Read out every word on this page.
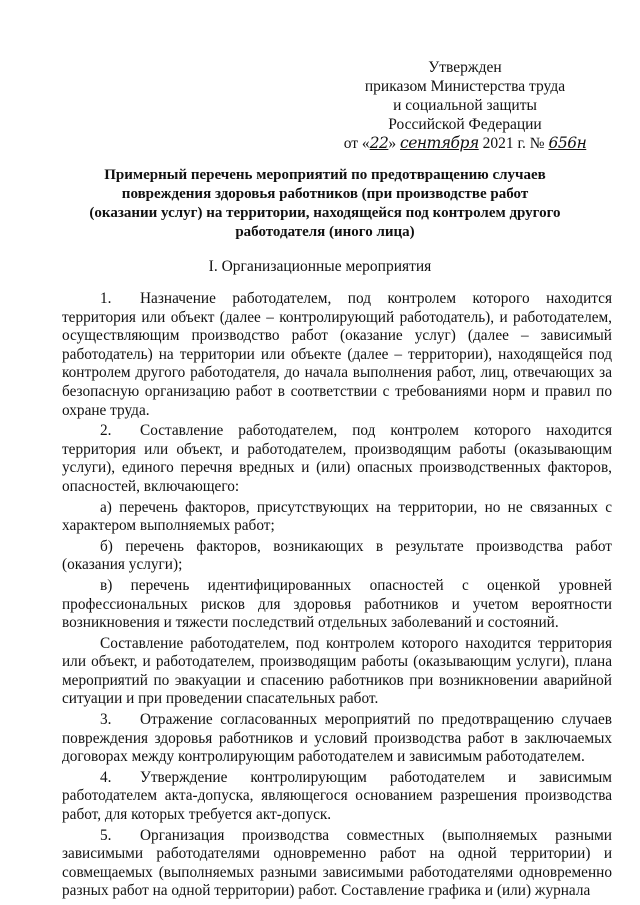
Утвержден
приказом Министерства труда
и социальной защиты
Российской Федерации
от «22» сентября 2021 г. № 656н
Примерный перечень мероприятий по предотвращению случаев
повреждения здоровья работников (при производстве работ
(оказании услуг) на территории, находящейся под контролем другого
работодателя (иного лица)
I. Организационные мероприятия

1. Назначение работодателем, под контролем которого находится территория или объект (далее – контролирующий работодатель), и работодателем, осуществляющим производство работ (оказание услуг) (далее – зависимый работодатель) на территории или объекте (далее – территории), находящейся под контролем другого работодателя, до начала выполнения работ, лиц, отвечающих за безопасную организацию работ в соответствии с требованиями норм и правил по охране труда.

2. Составление работодателем, под контролем которого находится территория или объект, и работодателем, производящим работы (оказывающим услуги), единого перечня вредных и (или) опасных производственных факторов, опасностей, включающего:

а) перечень факторов, присутствующих на территории, но не связанных с характером выполняемых работ;

б) перечень факторов, возникающих в результате производства работ (оказания услуги);

в) перечень идентифицированных опасностей с оценкой уровней профессиональных рисков для здоровья работников и учетом вероятности возникновения и тяжести последствий отдельных заболеваний и состояний.

Составление работодателем, под контролем которого находится территория или объект, и работодателем, производящим работы (оказывающим услуги), плана мероприятий по эвакуации и спасению работников при возникновении аварийной ситуации и при проведении спасательных работ.

3. Отражение согласованных мероприятий по предотвращению случаев повреждения здоровья работников и условий производства работ в заключаемых договорах между контролирующим работодателем и зависимым работодателем.

4. Утверждение контролирующим работодателем и зависимым работодателем акта-допуска, являющегося основанием разрешения производства работ, для которых требуется акт-допуск.

5. Организация производства совместных (выполняемых разными зависимыми работодателями одновременно работ на одной территории) и совмещаемых (выполняемых разными зависимыми работодателями одновременно разных работ на одной территории) работ. Составление графика и (или) журнала
